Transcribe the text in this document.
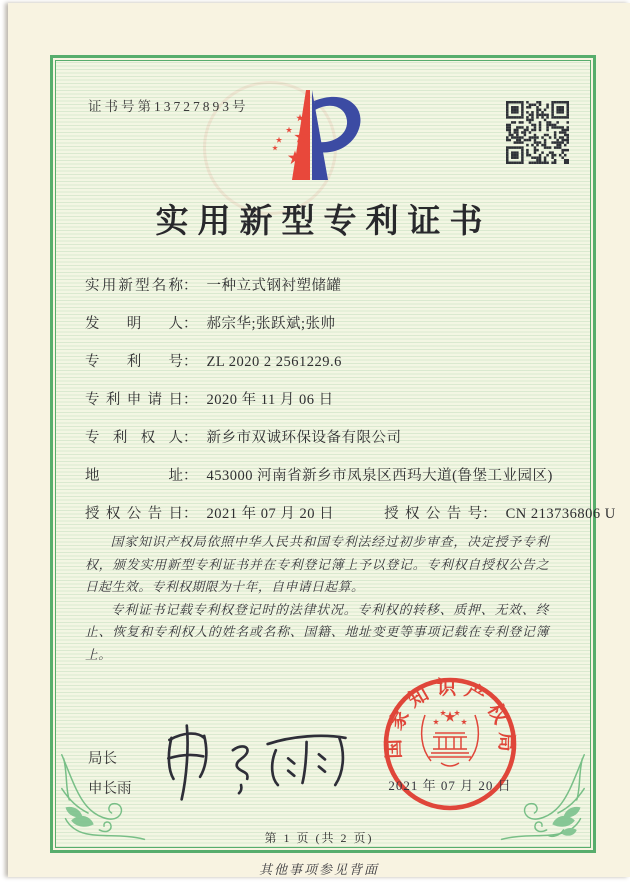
证书号第13727893号
实用新型专利证书
实用新型名称： 一种立式钢衬塑储罐
发明人： 郝宗华;张跃斌;张帅
专利号： ZL 2020 2 2561229.6
专利申请日： 2020 年 11 月 06 日
专利权人： 新乡市双诚环保设备有限公司
地址： 453000 河南省新乡市凤泉区西玛大道(鲁堡工业园区)
授权公告日： 2021 年 07 月 20 日	授权公告号： CN 213736806 U

国家知识产权局依照中华人民共和国专利法经过初步审查，决定授予专利权，颁发实用新型专利证书并在专利登记簿上予以登记。专利权自授权公告之日起生效。专利权期限为十年，自申请日起算。

专利证书记载专利权登记时的法律状况。专利权的转移、质押、无效、终止、恢复和专利权人的姓名或名称、国籍、地址变更等事项记载在专利登记簿上。

局长
申长雨
国家知识产权局
2021 年 07 月 20 日
第 1 页 (共 2 页)
其他事项参见背面
